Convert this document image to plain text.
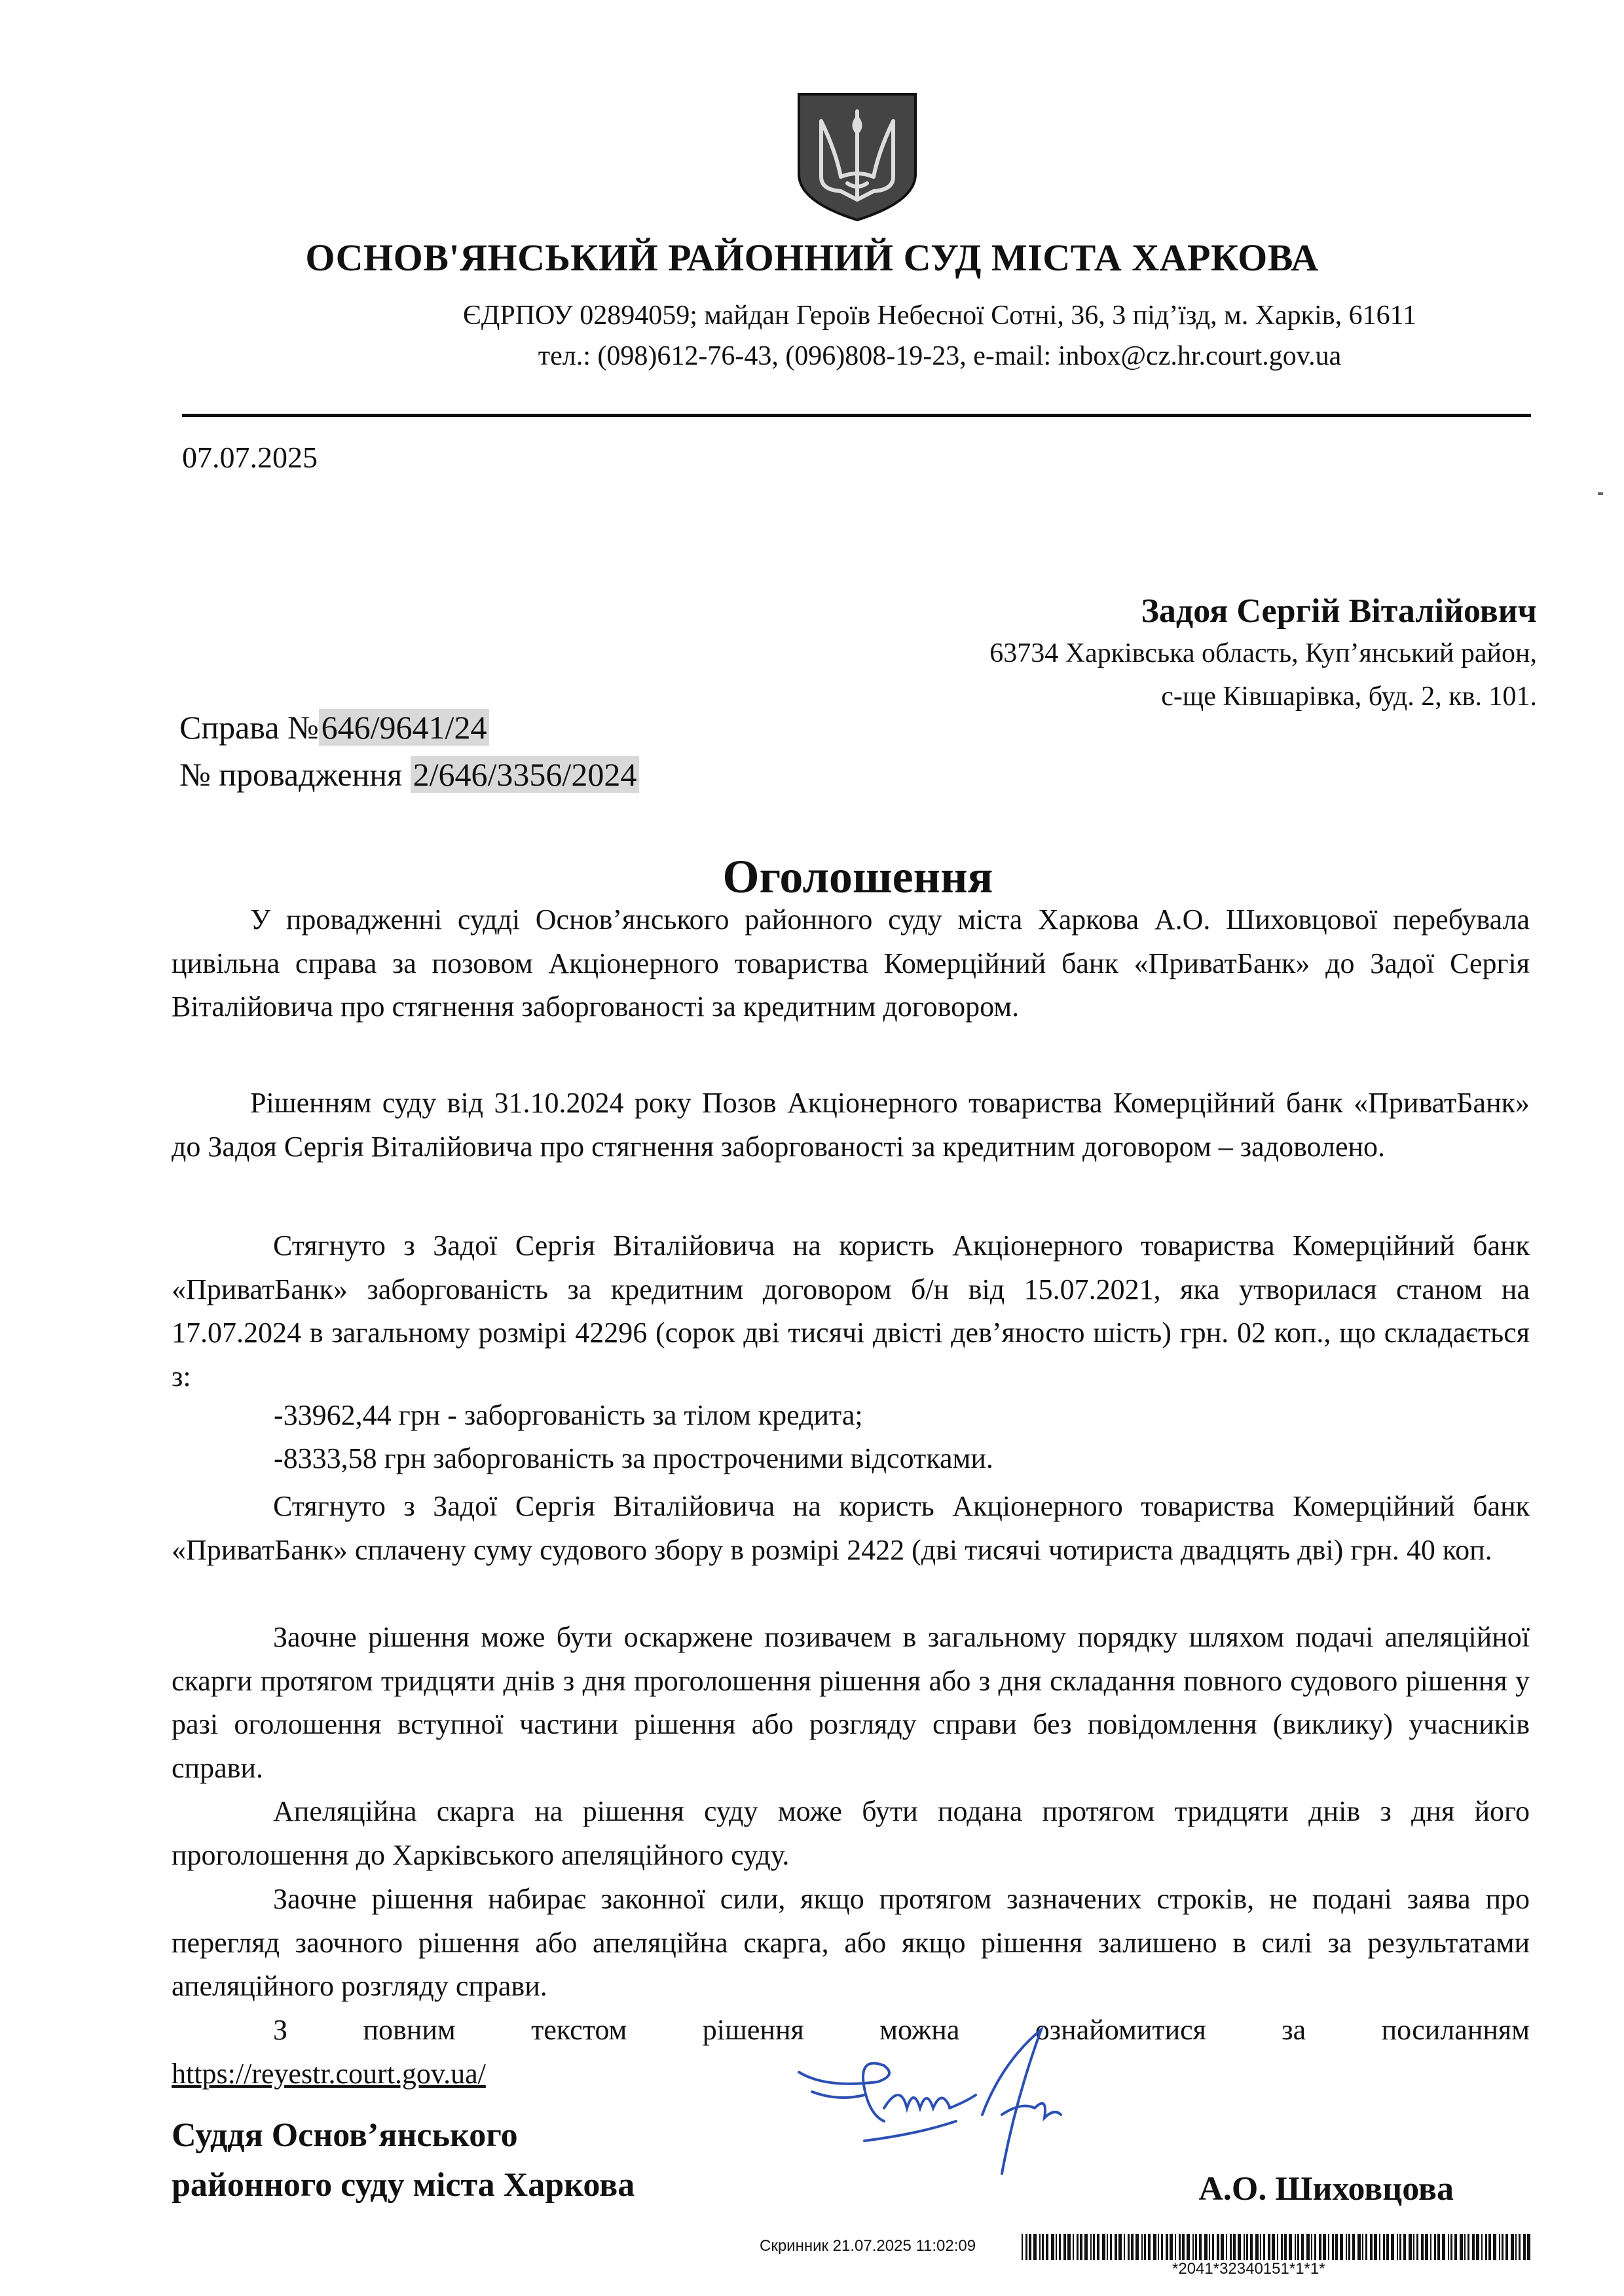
ОСНОВ'ЯНСЬКИЙ РАЙОННИЙ СУД МІСТА ХАРКОВА
ЄДРПОУ 02894059; майдан Героїв Небесної Сотні, 36, 3 під’їзд, м. Харків, 61611
тел.: (098)612-76-43, (096)808-19-23, e-mail: inbox@cz.hr.court.gov.ua
07.07.2025
Задоя Сергій Віталійович
63734 Харківська область, Куп’янський район,
с-ще Ківшарівка, буд. 2, кв. 101.
Справа №646/9641/24
№ провадження 2/646/3356/2024
Оголошення
У провадженні судді Основ’янського районного суду міста Харкова А.О. Шиховцової перебувала цивільна справа за позовом Акціонерного товариства Комерційний банк «ПриватБанк» до Задої Сергія Віталійовича про стягнення заборгованості за кредитним договором.
Рішенням суду від 31.10.2024 року Позов Акціонерного товариства Комерційний банк «ПриватБанк» до Задоя Сергія Віталійовича про стягнення заборгованості за кредитним договором – задоволено.
Стягнуто з Задої Сергія Віталійовича на користь Акціонерного товариства Комерційний банк «ПриватБанк» заборгованість за кредитним договором б/н від 15.07.2021, яка утворилася станом на 17.07.2024 в загальному розмірі 42296 (сорок дві тисячі двісті дев’яносто шість) грн. 02 коп., що складається з:
-33962,44 грн - заборгованість за тілом кредита;
-8333,58 грн заборгованість за простроченими відсотками.
Стягнуто з Задої Сергія Віталійовича на користь Акціонерного товариства Комерційний банк «ПриватБанк» сплачену суму судового збору в розмірі 2422 (дві тисячі чотириста двадцять дві) грн. 40 коп.
Заочне рішення може бути оскаржене позивачем в загальному порядку шляхом подачі апеляційної скарги протягом тридцяти днів з дня проголошення рішення або з дня складання повного судового рішення у разі оголошення вступної частини рішення або розгляду справи без повідомлення (виклику) учасників справи.
Апеляційна скарга на рішення суду може бути подана протягом тридцяти днів з дня його проголошення до Харківського апеляційного суду.
Заочне рішення набирає законної сили, якщо протягом зазначених строків, не подані заява про перегляд заочного рішення або апеляційна скарга, або якщо рішення залишено в силі за результатами апеляційного розгляду справи.
З повним текстом рішення можна ознайомитися за посиланням https://reyestr.court.gov.ua/
Суддя Основ’янського
районного суду міста Харкова	А.О. Шиховцова
Скринник 21.07.2025 11:02:09
*2041*32340151*1*1*
